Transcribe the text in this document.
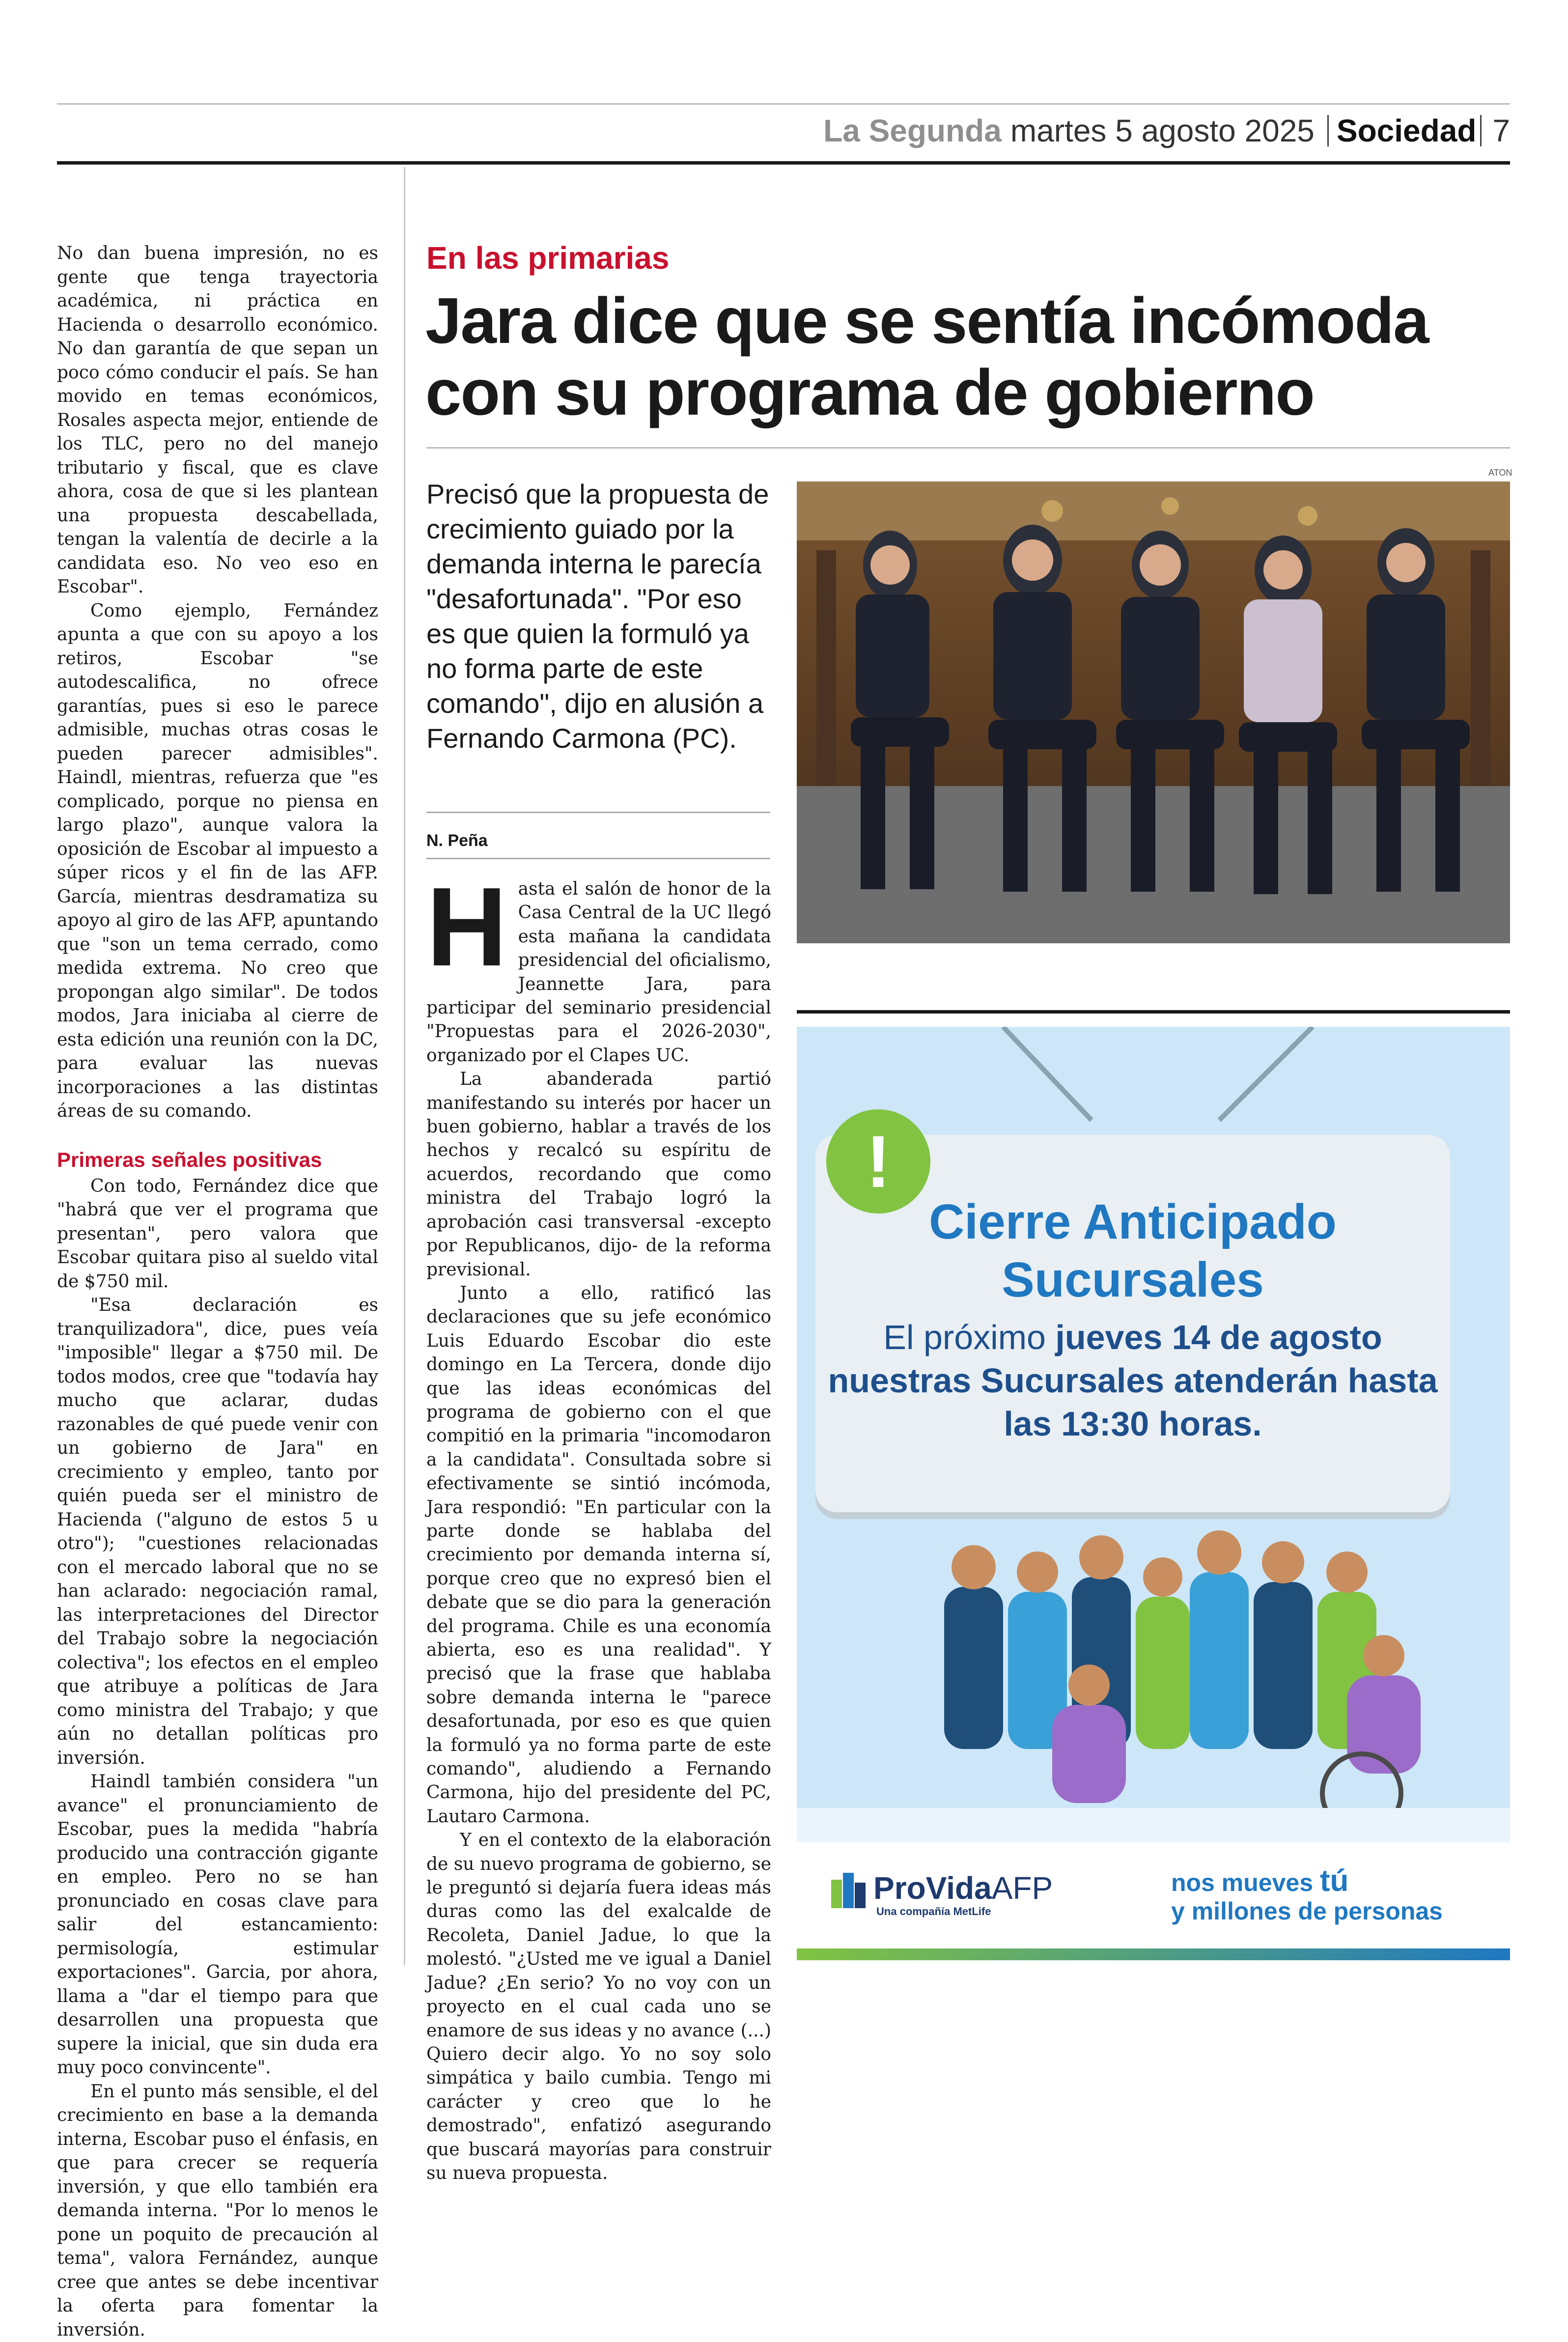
La Segunda martes 5 agosto 2025 Sociedad 7

No dan buena impresión, no es gente que tenga trayectoria académica, ni práctica en Hacienda o desarrollo económico. No dan garantía de que sepan un poco cómo conducir el país. Se han movido en temas económicos, Rosales aspecta mejor, entiende de los TLC, pero no del manejo tributario y fiscal, que es clave ahora, cosa de que si les plantean una propuesta descabellada, tengan la valentía de decirle a la candidata eso. No veo eso en Escobar".

Como ejemplo, Fernández apunta a que con su apoyo a los retiros, Escobar "se autodescalifica, no ofrece garantías, pues si eso le parece admisible, muchas otras cosas le pueden parecer admisibles". Haindl, mientras, refuerza que "es complicado, porque no piensa en largo plazo", aunque valora la oposición de Escobar al impuesto a súper ricos y el fin de las AFP. García, mientras desdramatiza su apoyo al giro de las AFP, apuntando que "son un tema cerrado, como medida extrema. No creo que propongan algo similar". De todos modos, Jara iniciaba al cierre de esta edición una reunión con la DC, para evaluar las nuevas incorporaciones a las distintas áreas de su comando.

Primeras señales positivas

Con todo, Fernández dice que "habrá que ver el programa que presentan", pero valora que Escobar quitara piso al sueldo vital de $750 mil.

"Esa declaración es tranquilizadora", dice, pues veía "imposible" llegar a $750 mil. De todos modos, cree que "todavía hay mucho que aclarar, dudas razonables de qué puede venir con un gobierno de Jara" en crecimiento y empleo, tanto por quién pueda ser el ministro de Hacienda ("alguno de estos 5 u otro"); "cuestiones relacionadas con el mercado laboral que no se han aclarado: negociación ramal, las interpretaciones del Director del Trabajo sobre la negociación colectiva"; los efectos en el empleo que atribuye a políticas de Jara como ministra del Trabajo; y que aún no detallan políticas pro inversión.

Haindl también considera "un avance" el pronunciamiento de Escobar, pues la medida "habría producido una contracción gigante en empleo. Pero no se han pronunciado en cosas clave para salir del estancamiento: permisología, estimular exportaciones". Garcia, por ahora, llama a "dar el tiempo para que desarrollen una propuesta que supere la inicial, que sin duda era muy poco convincente".

En el punto más sensible, el del crecimiento en base a la demanda interna, Escobar puso el énfasis, en que para crecer se requería inversión, y que ello también era demanda interna. "Por lo menos le pone un poquito de precaución al tema", valora Fernández, aunque cree que antes se debe incentivar la oferta para fomentar la inversión.

En las primarias
Jara dice que se sentía incómoda con su programa de gobierno
ATON
Precisó que la propuesta de crecimiento guiado por la demanda interna le parecía "desafortunada". "Por eso es que quien la formuló ya no forma parte de este comando", dijo en alusión a Fernando Carmona (PC).
N. Peña

Hasta el salón de honor de la Casa Central de la UC llegó esta mañana la candidata presidencial del oficialismo, Jeannette Jara, para participar del seminario presidencial "Propuestas para el 2026-2030", organizado por el Clapes UC.

La abanderada partió manifestando su interés por hacer un buen gobierno, hablar a través de los hechos y recalcó su espíritu de acuerdos, recordando que como ministra del Trabajo logró la aprobación casi transversal -excepto por Republicanos, dijo- de la reforma previsional.

Junto a ello, ratificó las declaraciones que su jefe económico Luis Eduardo Escobar dio este domingo en La Tercera, donde dijo que las ideas económicas del programa de gobierno con el que compitió en la primaria "incomodaron a la candidata". Consultada sobre si efectivamente se sintió incómoda, Jara respondió: "En particular con la parte donde se hablaba del crecimiento por demanda interna sí, porque creo que no expresó bien el debate que se dio para la generación del programa. Chile es una economía abierta, eso es una realidad". Y precisó que la frase que hablaba sobre demanda interna le "parece desafortunada, por eso es que quien la formuló ya no forma parte de este comando", aludiendo a Fernando Carmona, hijo del presidente del PC, Lautaro Carmona.

Y en el contexto de la elaboración de su nuevo programa de gobierno, se le preguntó si dejaría fuera ideas más duras como las del exalcalde de Recoleta, Daniel Jadue, lo que la molestó. "¿Usted me ve igual a Daniel Jadue? ¿En serio? Yo no voy con un proyecto en el cual cada uno se enamore de sus ideas y no avance (...) Quiero decir algo. Yo no soy solo simpática y bailo cumbia. Tengo mi carácter y creo que lo he demostrado", enfatizó asegurando que buscará mayorías para construir su nueva propuesta.

!
Cierre Anticipado Sucursales
El próximo jueves 14 de agosto nuestras Sucursales atenderán hasta las 13:30 horas.
ProVidaAFP
Una compañía MetLife
nos mueves tú
y millones de personas
